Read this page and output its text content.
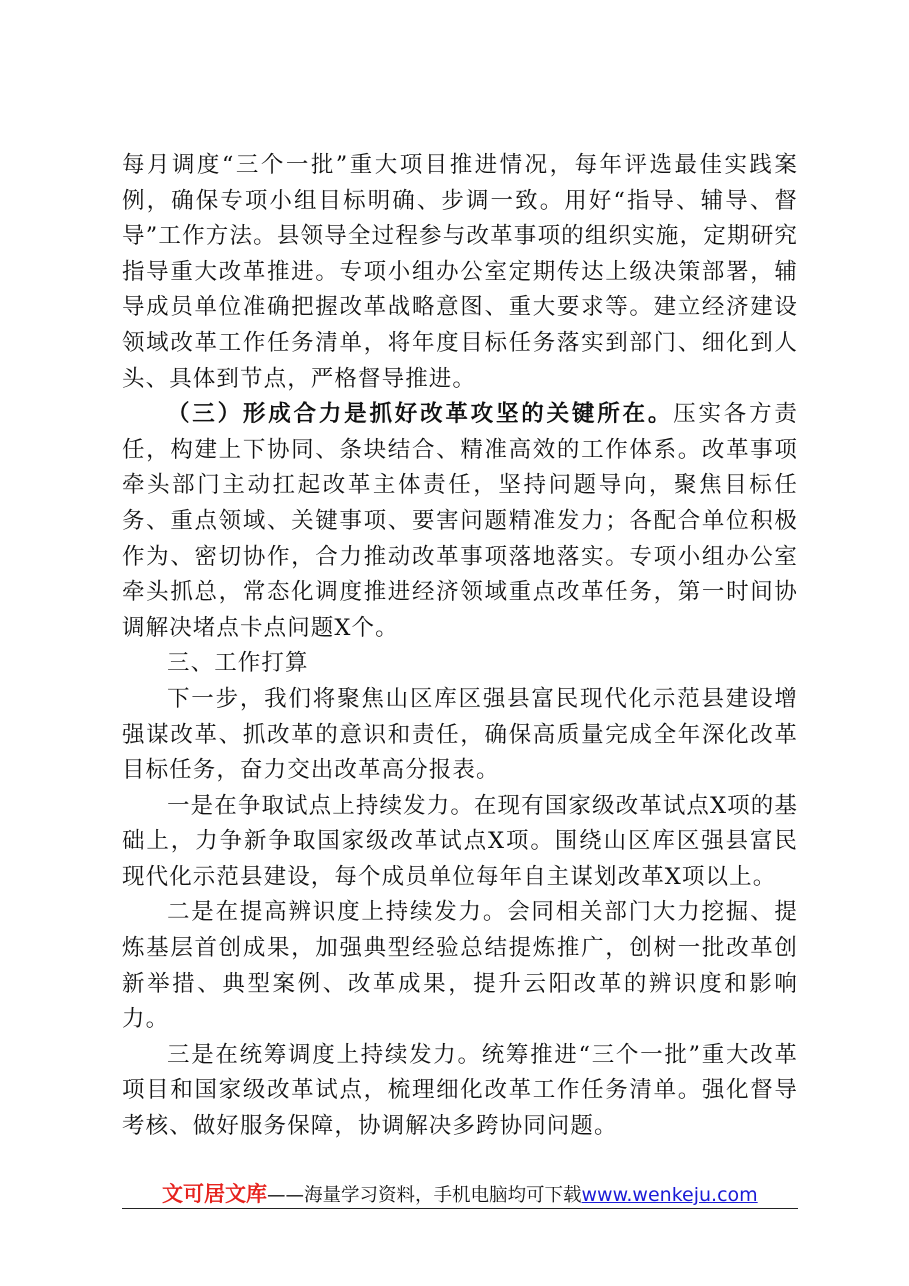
每月调度“三个一批”重大项目推进情况，每年评选最佳实践案例，确保专项小组目标明确、步调一致。用好“指导、辅导、督导”工作方法。县领导全过程参与改革事项的组织实施，定期研究指导重大改革推进。专项小组办公室定期传达上级决策部署，辅导成员单位准确把握改革战略意图、重大要求等。建立经济建设领域改革工作任务清单，将年度目标任务落实到部门、细化到人头、具体到节点，严格督导推进。

（三）形成合力是抓好改革攻坚的关键所在。压实各方责任，构建上下协同、条块结合、精准高效的工作体系。改革事项牵头部门主动扛起改革主体责任，坚持问题导向，聚焦目标任务、重点领域、关键事项、要害问题精准发力；各配合单位积极作为、密切协作，合力推动改革事项落地落实。专项小组办公室牵头抓总，常态化调度推进经济领域重点改革任务，第一时间协调解决堵点卡点问题X个。

三、工作打算

下一步，我们将聚焦山区库区强县富民现代化示范县建设增强谋改革、抓改革的意识和责任，确保高质量完成全年深化改革目标任务，奋力交出改革高分报表。

一是在争取试点上持续发力。在现有国家级改革试点X项的基础上，力争新争取国家级改革试点X项。围绕山区库区强县富民现代化示范县建设，每个成员单位每年自主谋划改革X项以上。

二是在提高辨识度上持续发力。会同相关部门大力挖掘、提炼基层首创成果，加强典型经验总结提炼推广，创树一批改革创新举措、典型案例、改革成果，提升云阳改革的辨识度和影响力。

三是在统筹调度上持续发力。统筹推进“三个一批”重大改革项目和国家级改革试点，梳理细化改革工作任务清单。强化督导考核、做好服务保障，协调解决多跨协同问题。

文可居文库——海量学习资料，手机电脑均可下载www.wenkeju.com
